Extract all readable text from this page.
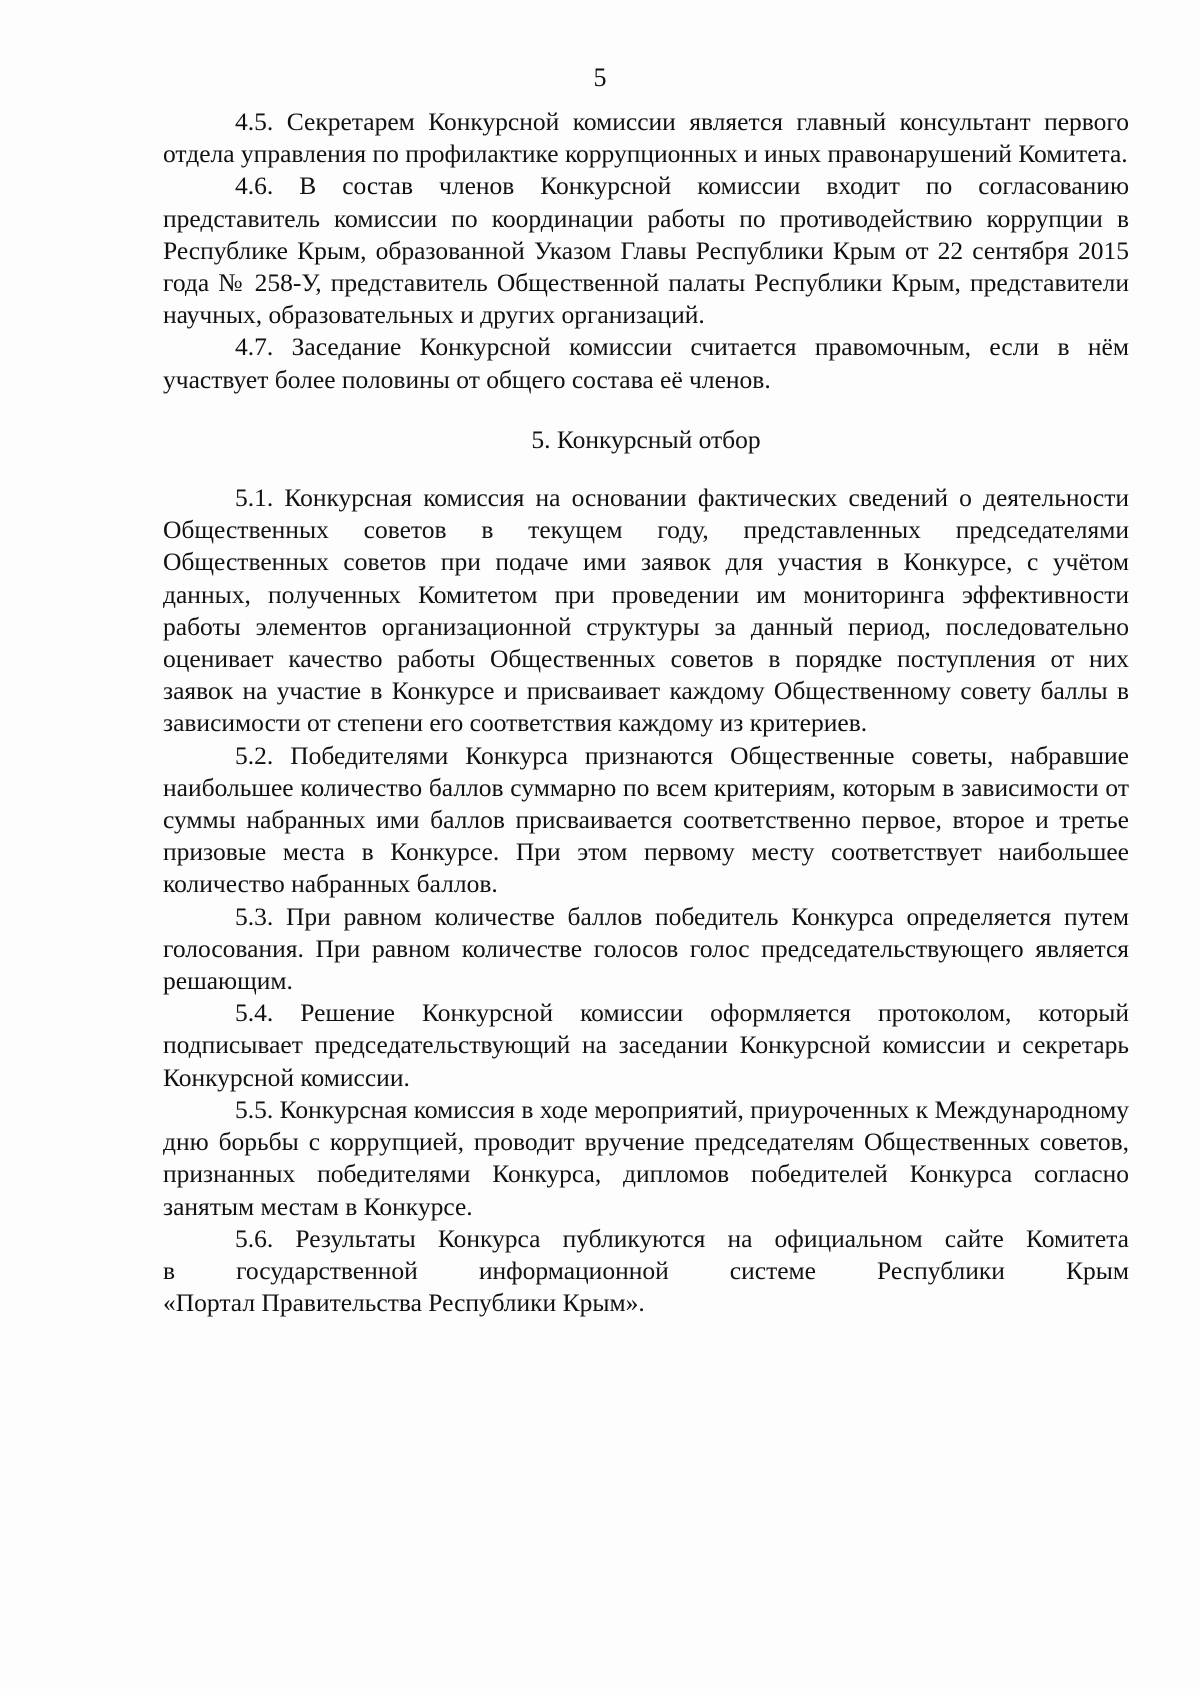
5

4.5. Секретарем Конкурсной комиссии является главный консультант первого отдела управления по профилактике коррупционных и иных правонарушений Комитета.

4.6. В состав членов Конкурсной комиссии входит по согласованию представитель комиссии по координации работы по противодействию коррупции в Республике Крым, образованной Указом Главы Республики Крым от 22 сентября 2015 года № 258-У, представитель Общественной палаты Республики Крым, представители научных, образовательных и других организаций.

4.7. Заседание Конкурсной комиссии считается правомочным, если в нём участвует более половины от общего состава её членов.

5. Конкурсный отбор

5.1. Конкурсная комиссия на основании фактических сведений о деятельности Общественных советов в текущем году, представленных председателями Общественных советов при подаче ими заявок для участия в Конкурсе, с учётом данных, полученных Комитетом при проведении им мониторинга эффективности работы элементов организационной структуры за данный период, последовательно оценивает качество работы Общественных советов в порядке поступления от них заявок на участие в Конкурсе и присваивает каждому Общественному совету баллы в зависимости от степени его соответствия каждому из критериев.

5.2. Победителями Конкурса признаются Общественные советы, набравшие наибольшее количество баллов суммарно по всем критериям, которым в зависимости от суммы набранных ими баллов присваивается соответственно первое, второе и третье призовые места в Конкурсе. При этом первому месту соответствует наибольшее количество набранных баллов.

5.3. При равном количестве баллов победитель Конкурса определяется путем голосования. При равном количестве голосов голос председательствующего является решающим.

5.4. Решение Конкурсной комиссии оформляется протоколом, который подписывает председательствующий на заседании Конкурсной комиссии и секретарь Конкурсной комиссии.

5.5. Конкурсная комиссия в ходе мероприятий, приуроченных к Международному дню борьбы с коррупцией, проводит вручение председателям Общественных советов, признанных победителями Конкурса, дипломов победителей Конкурса согласно занятым местам в Конкурсе.

5.6. Результаты Конкурса публикуются на официальном сайте Комитета

в государственной информационной системе Республики Крым

«Портал Правительства Республики Крым».
